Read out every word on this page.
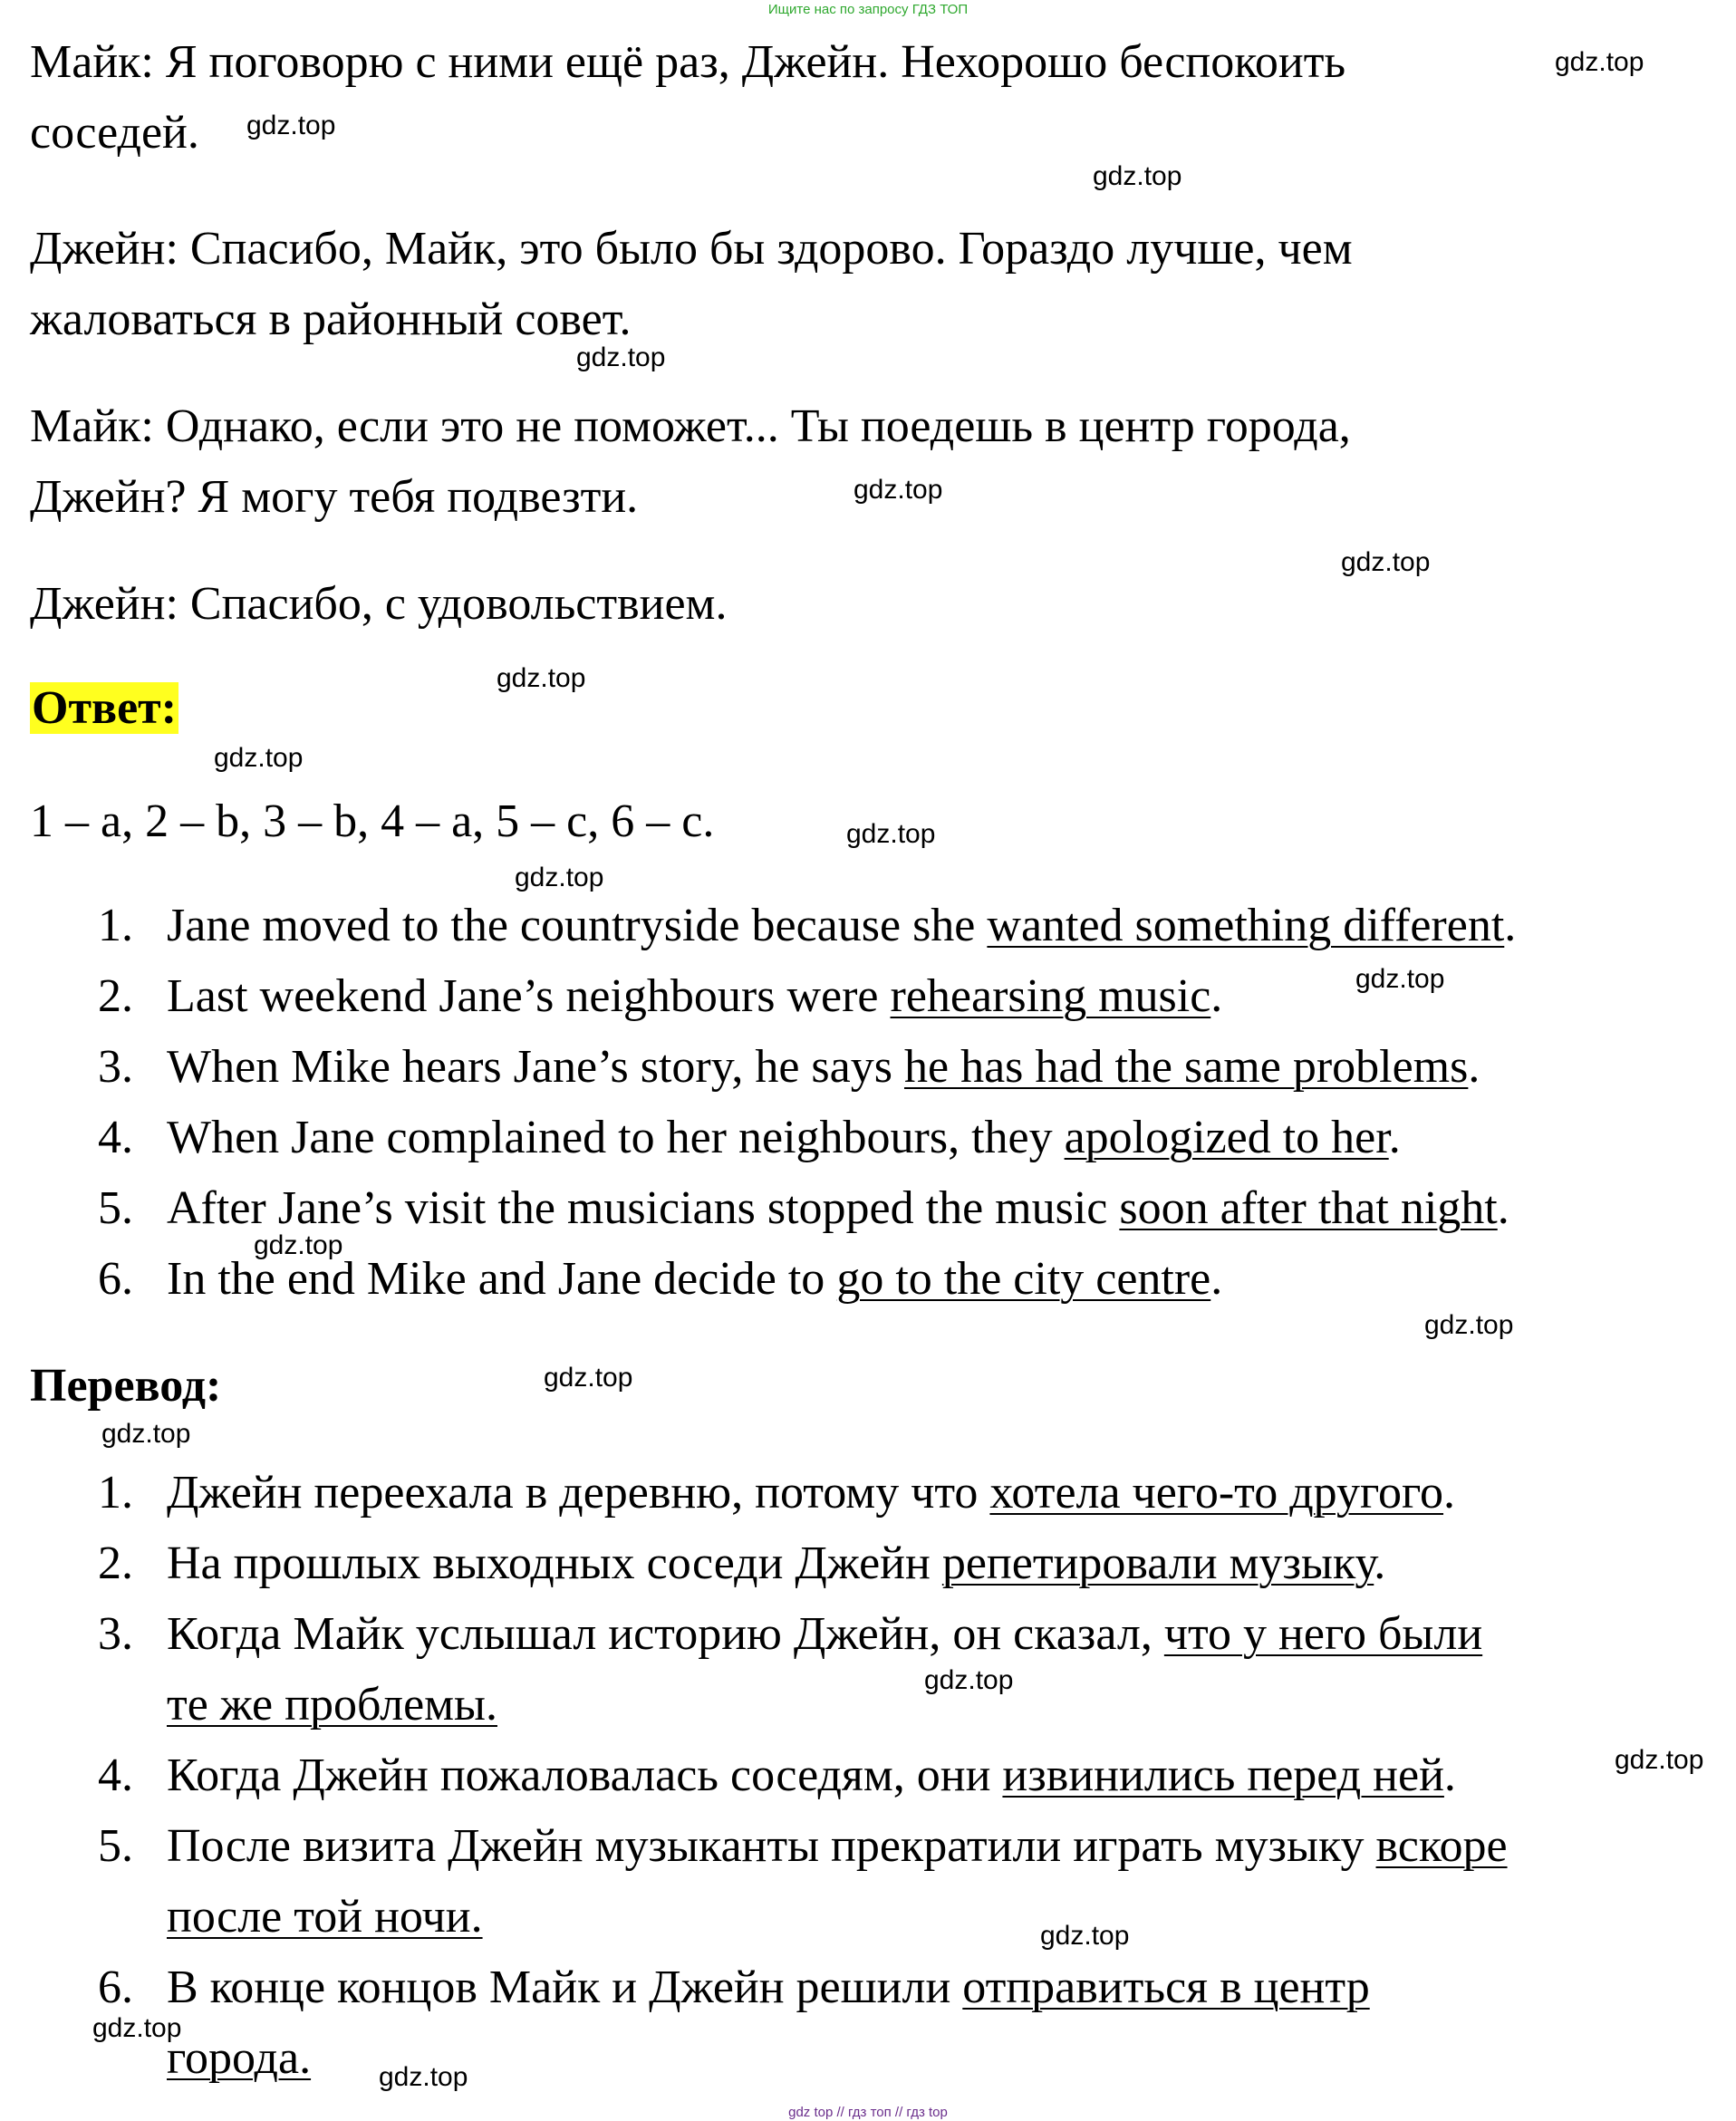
Ищите нас по запросу ГДЗ ТОП
Майк: Я поговорю с ними ещё раз, Джейн. Нехорошо беспокоить
соседей.
Джейн: Спасибо, Майк, это было бы здорово. Гораздо лучше, чем
жаловаться в районный совет.
Майк: Однако, если это не поможет... Ты поедешь в центр города,
Джейн? Я могу тебя подвезти.
Джейн: Спасибо, с удовольствием.
Ответ:
1 – a, 2 – b, 3 – b, 4 – a, 5 – c, 6 – c.
1. Jane moved to the countryside because she wanted something different.
2. Last weekend Jane’s neighbours were rehearsing music.
3. When Mike hears Jane’s story, he says he has had the same problems.
4. When Jane complained to her neighbours, they apologized to her.
5. After Jane’s visit the musicians stopped the music soon after that night.
6. In the end Mike and Jane decide to go to the city centre.
Перевод:
1. Джейн переехала в деревню, потому что хотела чего-то другого.
2. На прошлых выходных соседи Джейн репетировали музыку.
3. Когда Майк услышал историю Джейн, он сказал, что у него были
те же проблемы.
4. Когда Джейн пожаловалась соседям, они извинились перед ней.
5. После визита Джейн музыканты прекратили играть музыку вскоре
после той ночи.
6. В конце концов Майк и Джейн решили отправиться в центр
города.
gdz.top
gdz.top
gdz.top
gdz.top
gdz.top
gdz.top
gdz.top
gdz.top
gdz.top
gdz.top
gdz.top
gdz.top
gdz.top
gdz.top
gdz.top
gdz.top
gdz.top
gdz.top
gdz.top
gdz.top
gdz top // гдз топ // гдз top
